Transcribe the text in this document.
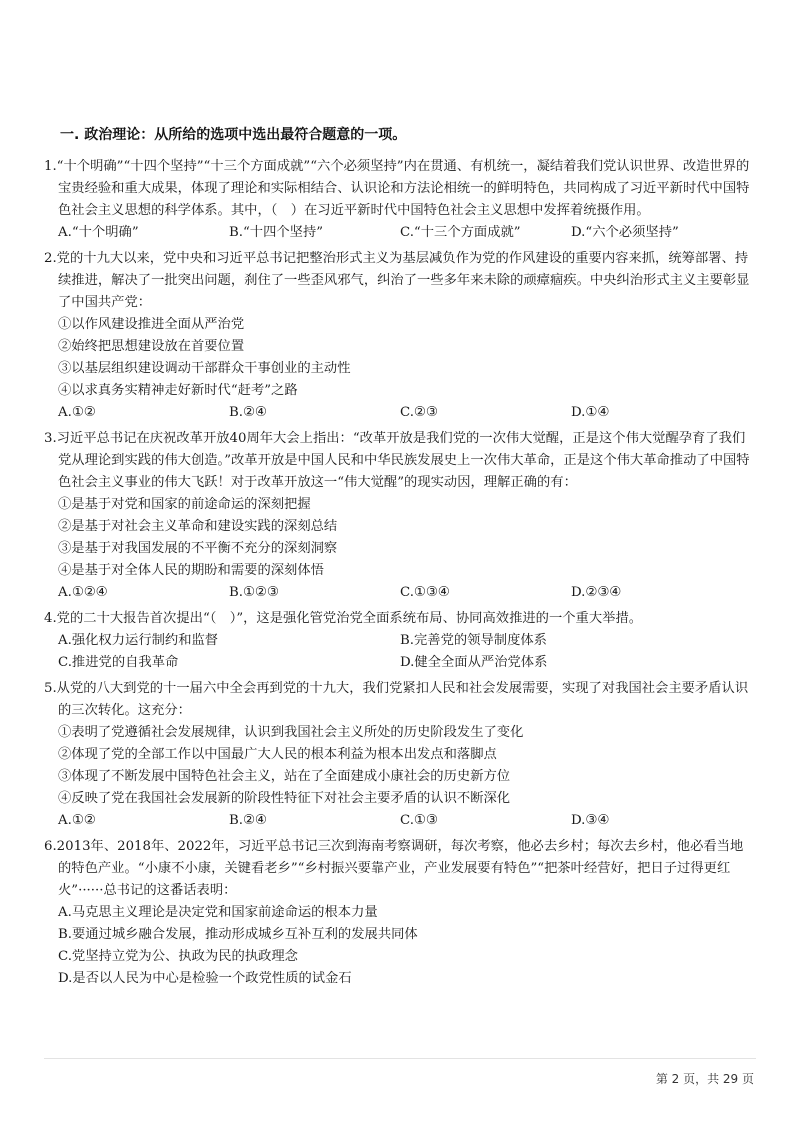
一. 政治理论：从所给的选项中选出最符合题意的一项。

1.“十个明确”“十四个坚持”“十三个方面成就”“六个必须坚持”内在贯通、有机统一，凝结着我们党认识世界、改造世界的宝贵经验和重大成果，体现了理论和实际相结合、认识论和方法论相统一的鲜明特色，共同构成了习近平新时代中国特色社会主义思想的科学体系。其中，（　）在习近平新时代中国特色社会主义思想中发挥着统摄作用。

A.“十个明确”	B.“十四个坚持”	C.“十三个方面成就”	D.“六个必须坚持”

2.党的十九大以来，党中央和习近平总书记把整治形式主义为基层减负作为党的作风建设的重要内容来抓，统筹部署、持续推进，解决了一批突出问题，刹住了一些歪风邪气，纠治了一些多年来未除的顽瘴痼疾。中央纠治形式主义主要彰显了中国共产党：

①以作风建设推进全面从严治党

②始终把思想建设放在首要位置

③以基层组织建设调动干部群众干事创业的主动性

④以求真务实精神走好新时代“赶考”之路

A.①②	B.②④	C.②③	D.①④

3.习近平总书记在庆祝改革开放40周年大会上指出：“改革开放是我们党的一次伟大觉醒，正是这个伟大觉醒孕育了我们党从理论到实践的伟大创造。”改革开放是中国人民和中华民族发展史上一次伟大革命，正是这个伟大革命推动了中国特色社会主义事业的伟大飞跃！对于改革开放这一“伟大觉醒”的现实动因，理解正确的有：

①是基于对党和国家的前途命运的深刻把握

②是基于对社会主义革命和建设实践的深刻总结

③是基于对我国发展的不平衡不充分的深刻洞察

④是基于对全体人民的期盼和需要的深刻体悟

A.①②④	B.①②③	C.①③④	D.②③④

4.党的二十大报告首次提出“（　）”，这是强化管党治党全面系统布局、协同高效推进的一个重大举措。

A.强化权力运行制约和监督	B.完善党的领导制度体系
C.推进党的自我革命	D.健全全面从严治党体系

5.从党的八大到党的十一届六中全会再到党的十九大，我们党紧扣人民和社会发展需要，实现了对我国社会主要矛盾认识的三次转化。这充分：

①表明了党遵循社会发展规律，认识到我国社会主义所处的历史阶段发生了变化

②体现了党的全部工作以中国最广大人民的根本利益为根本出发点和落脚点

③体现了不断发展中国特色社会主义，站在了全面建成小康社会的历史新方位

④反映了党在我国社会发展新的阶段性特征下对社会主要矛盾的认识不断深化

A.①②	B.②④	C.①③	D.③④

6.2013年、2018年、2022年，习近平总书记三次到海南考察调研，每次考察，他必去乡村；每次去乡村，他必看当地的特色产业。“小康不小康，关键看老乡”“乡村振兴要靠产业，产业发展要有特色”“把茶叶经营好，把日子过得更红火”······总书记的这番话表明：

A.马克思主义理论是决定党和国家前途命运的根本力量

B.要通过城乡融合发展，推动形成城乡互补互利的发展共同体

C.党坚持立党为公、执政为民的执政理念

D.是否以人民为中心是检验一个政党性质的试金石

第 2 页，共 29 页
